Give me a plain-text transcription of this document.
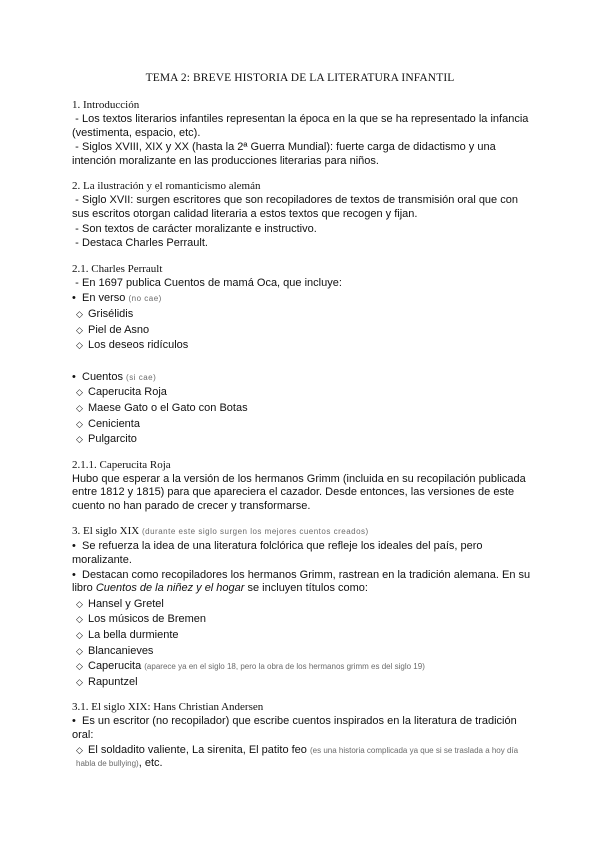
TEMA 2: BREVE HISTORIA DE LA LITERATURA INFANTIL
1. Introducción
- Los textos literarios infantiles representan la época en la que se ha representado la infancia (vestimenta, espacio, etc).
- Siglos XVIII, XIX y XX (hasta la 2ª Guerra Mundial): fuerte carga de didactismo y una intención moralizante en las producciones literarias para niños.
2. La ilustración y el romanticismo alemán
- Siglo XVII: surgen escritores que son recopiladores de textos de transmisión oral que con sus escritos otorgan calidad literaria a estos textos que recogen y fijan.
- Son textos de carácter moralizante e instructivo.
- Destaca Charles Perrault.
2.1. Charles Perrault
- En 1697 publica Cuentos de mamá Oca, que incluye:
• En verso (no cae)
◇ Grisélidis
◇ Piel de Asno
◇ Los deseos ridículos
• Cuentos (si cae)
◇ Caperucita Roja
◇ Maese Gato o el Gato con Botas
◇ Cenicienta
◇ Pulgarcito
2.1.1. Caperucita Roja
Hubo que esperar a la versión de los hermanos Grimm (incluida en su recopilación publicada entre 1812 y 1815) para que apareciera el cazador. Desde entonces, las versiones de este cuento no han parado de crecer y transformarse.
3. El siglo XIX (durante este siglo surgen los mejores cuentos creados)
• Se refuerza la idea de una literatura folclórica que refleje los ideales del país, pero moralizante.
• Destacan como recopiladores los hermanos Grimm, rastrean en la tradición alemana. En su libro Cuentos de la niñez y el hogar se incluyen títulos como:
◇ Hansel y Gretel
◇ Los músicos de Bremen
◇ La bella durmiente
◇ Blancanieves
◇ Caperucita (aparece ya en el siglo 18, pero la obra de los hermanos grimm es del siglo 19)
◇ Rapuntzel
3.1. El siglo XIX: Hans Christian Andersen
• Es un escritor (no recopilador) que escribe cuentos inspirados en la literatura de tradición oral:
◇ El soldadito valiente, La sirenita, El patito feo (es una historia complicada ya que si se traslada a hoy día habla de bullying), etc.
